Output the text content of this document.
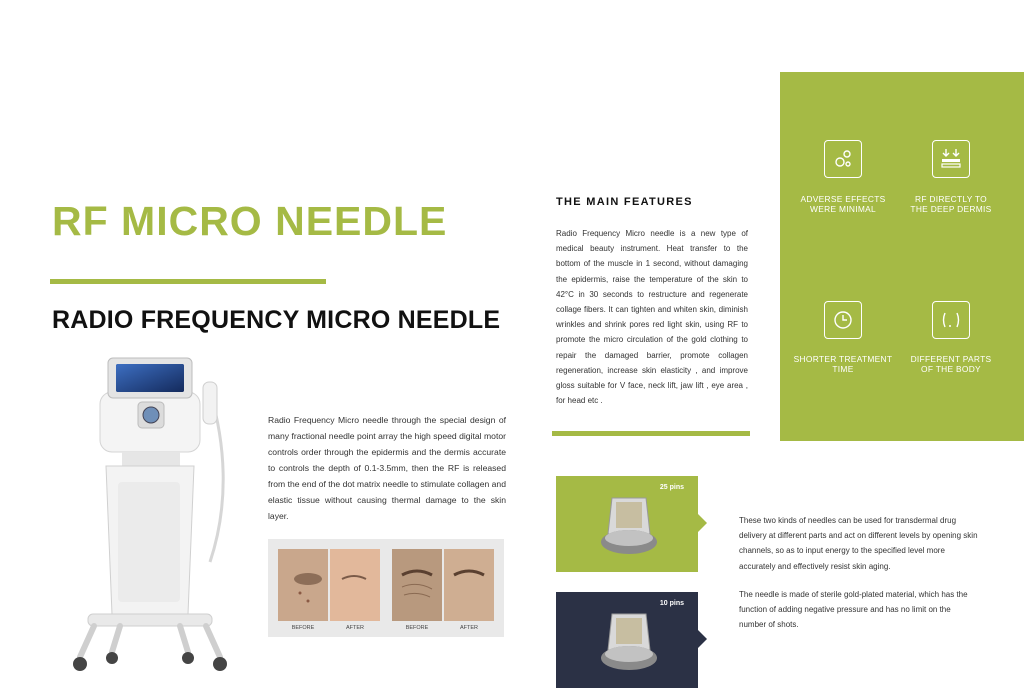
RF MICRO NEEDLE
RADIO FREQUENCY MICRO NEEDLE
Radio Frequency Micro needle through the special design of many fractional needle point array the high speed digital motor controls order through the epidermis and the dermis accurate to controls the depth of 0.1-3.5mm, then the RF is released from the end of the dot matrix needle to stimulate collagen and elastic tissue without causing thermal damage to the skin layer.
BEFORE	AFTER	BEFORE	AFTER
THE MAIN FEATURES
Radio Frequency Micro needle is a new type of medical beauty instrument. Heat transfer to the bottom of the muscle in 1 second, without damaging the epidermis, raise the temperature of the skin to 42°C in 30 seconds to restructure and regenerate collage fibers. It can tighten and whiten skin, diminish wrinkles and shrink pores red light skin, using RF to promote the micro circulation of the gold clothing to repair the damaged barrier, promote collagen regeneration, increase skin elasticity , and improve gloss suitable for V face, neck lift, jaw lift , eye area , for head etc .
ADVERSE EFFECTS
WERE MINIMAL
RF DIRECTLY TO
THE DEEP DERMIS
SHORTER TREATMENT
TIME
DIFFERENT PARTS
OF THE BODY
25 pins
10 pins
These two kinds of needles can be used for transdermal drug delivery at different parts and act on different levels by opening skin channels, so as to input energy to the specified level more accurately and effectively resist skin aging.
The needle is made of sterile gold-plated material, which has the function of adding negative pressure and has no limit on the number of shots.
